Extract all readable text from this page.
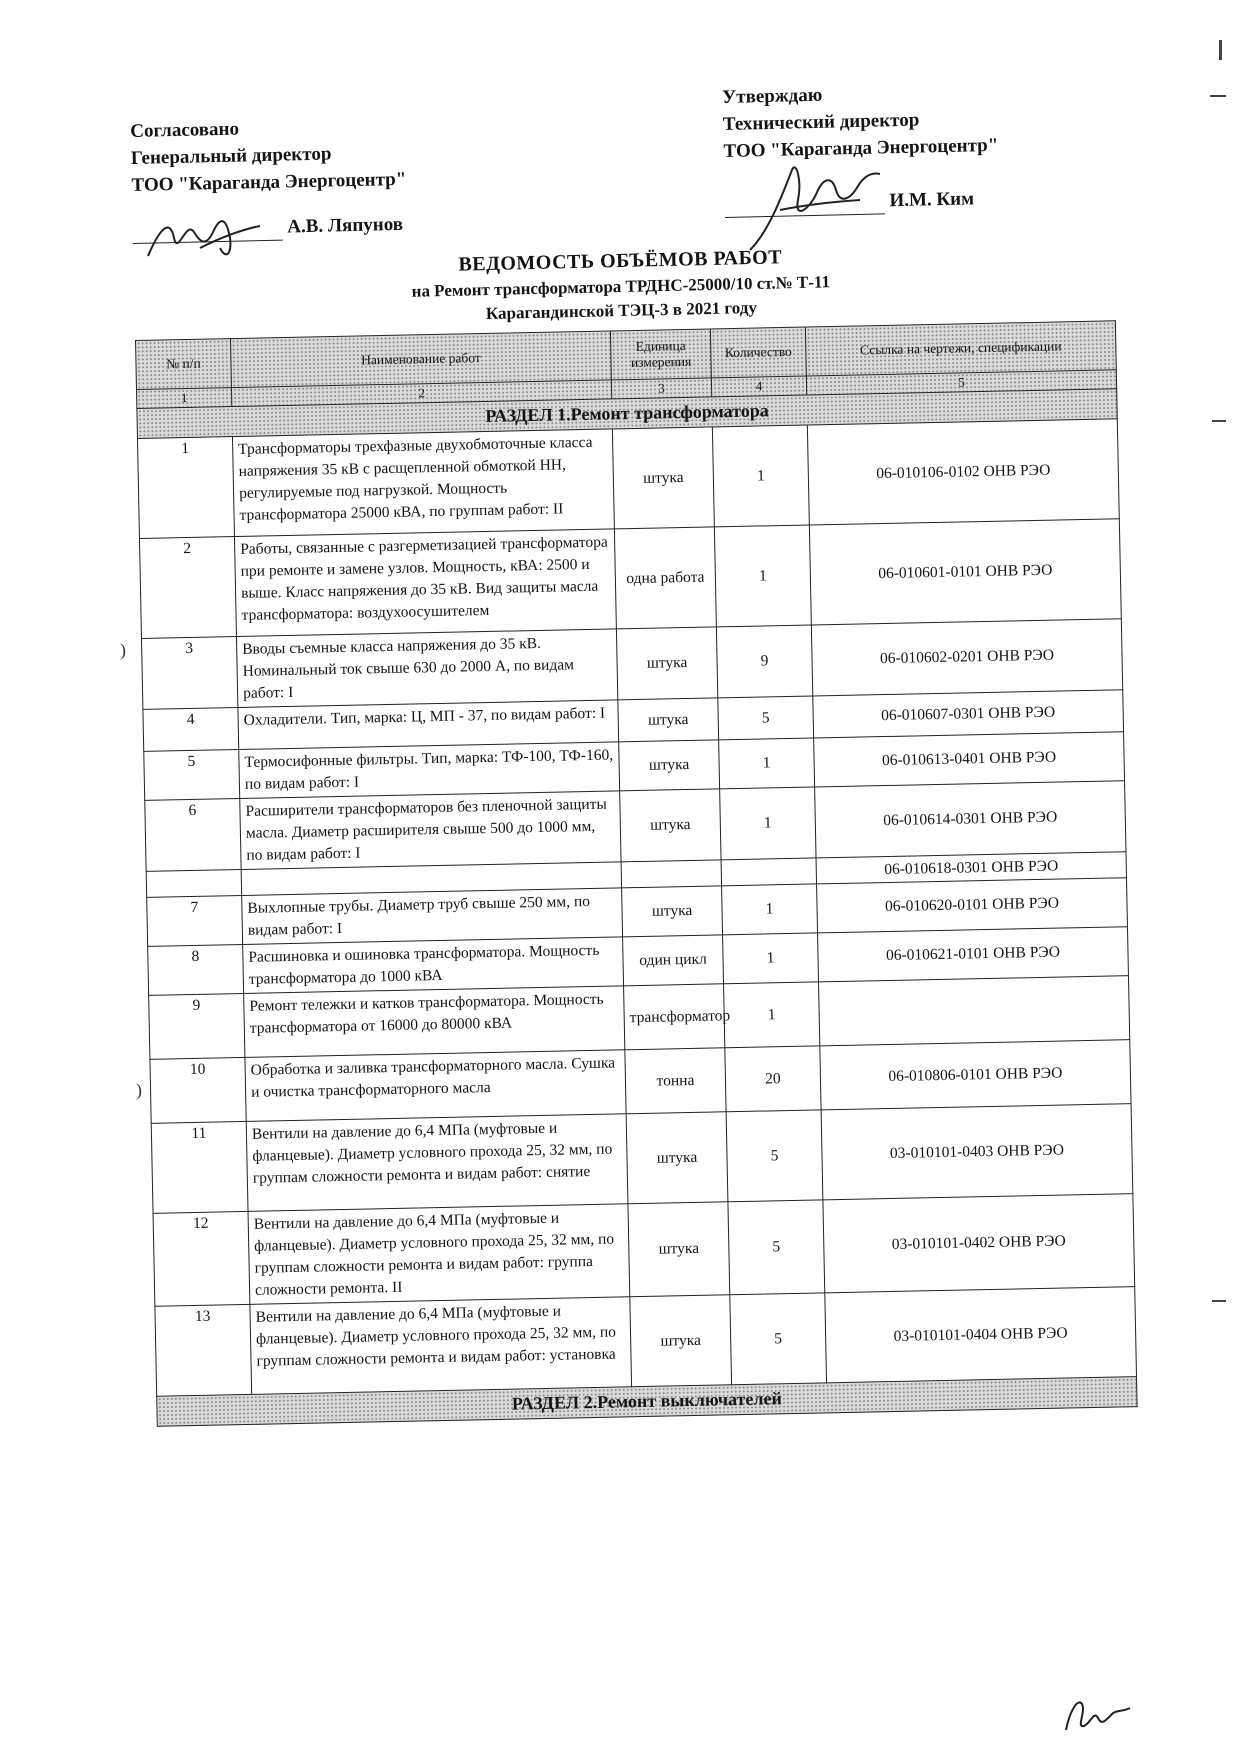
)
)
Согласовано
Генеральный директор
ТОО "Караганда Энергоцентр"
А.В. Ляпунов
Утверждаю
Технический директор
ТОО "Караганда Энергоцентр"
И.М. Ким
ВЕДОМОСТЬ ОБЪЁМОВ РАБОТ
на Ремонт трансформатора ТРДНС-25000/10 ст.№ Т-11
Карагандинской ТЭЦ-3 в 2021 году
№ п/п	Наименование работ	Единица измерения	Количество	Ссылка на чертежи, спецификации
1	2	3	4	5
РАЗДЕЛ 1.Ремонт трансформатора				
1	Трансформаторы трехфазные двухобмоточные класса напряжения 35 кВ с расщепленной обмоткой НН, регулируемые под нагрузкой. Мощность трансформатора 25000 кВА, по группам работ: II	штука	1	06-010106-0102 ОНВ РЭО
2	Работы, связанные с разгерметизацией трансформатора при ремонте и замене узлов. Мощность, кВА: 2500 и выше. Класс напряжения до 35 кВ. Вид защиты масла трансформатора: воздухоосушителем	одна работа	1	06-010601-0101 ОНВ РЭО
3	Вводы съемные класса напряжения до 35 кВ. Номинальный ток свыше 630 до 2000 А, по видам работ: I	штука	9	06-010602-0201 ОНВ РЭО
4	Охладители. Тип, марка: Ц, МП - 37, по видам работ: I	штука	5	06-010607-0301 ОНВ РЭО
5	Термосифонные фильтры. Тип, марка: ТФ-100, ТФ-160, по видам работ: I	штука	1	06-010613-0401 ОНВ РЭО
6	Расширители трансформаторов без пленочной защиты масла. Диаметр расширителя свыше 500 до 1000 мм, по видам работ: I	штука	1	06-010614-0301 ОНВ РЭО
				06-010618-0301 ОНВ РЭО
7	Выхлопные трубы. Диаметр труб свыше 250 мм, по видам работ: I	штука	1	06-010620-0101 ОНВ РЭО
8	Расшиновка и ошиновка трансформатора. Мощность трансформатора до 1000 кВА	один цикл	1	06-010621-0101 ОНВ РЭО
9	Ремонт тележки и катков трансформатора. Мощность трансформатора от 16000 до 80000 кВА	трансформатор	1	
10	Обработка и заливка трансформаторного масла. Сушка и очистка трансформаторного масла	тонна	20	06-010806-0101 ОНВ РЭО
11	Вентили на давление до 6,4 МПа (муфтовые и фланцевые). Диаметр условного прохода 25, 32 мм, по группам сложности ремонта и видам работ: снятие	штука	5	03-010101-0403 ОНВ РЭО
12	Вентили на давление до 6,4 МПа (муфтовые и фланцевые). Диаметр условного прохода 25, 32 мм, по группам сложности ремонта и видам работ: группа сложности ремонта. II	штука	5	03-010101-0402 ОНВ РЭО
13	Вентили на давление до 6,4 МПа (муфтовые и фланцевые). Диаметр условного прохода 25, 32 мм, по группам сложности ремонта и видам работ: установка	штука	5	03-010101-0404 ОНВ РЭО
РАЗДЕЛ 2.Ремонт выключателей				
